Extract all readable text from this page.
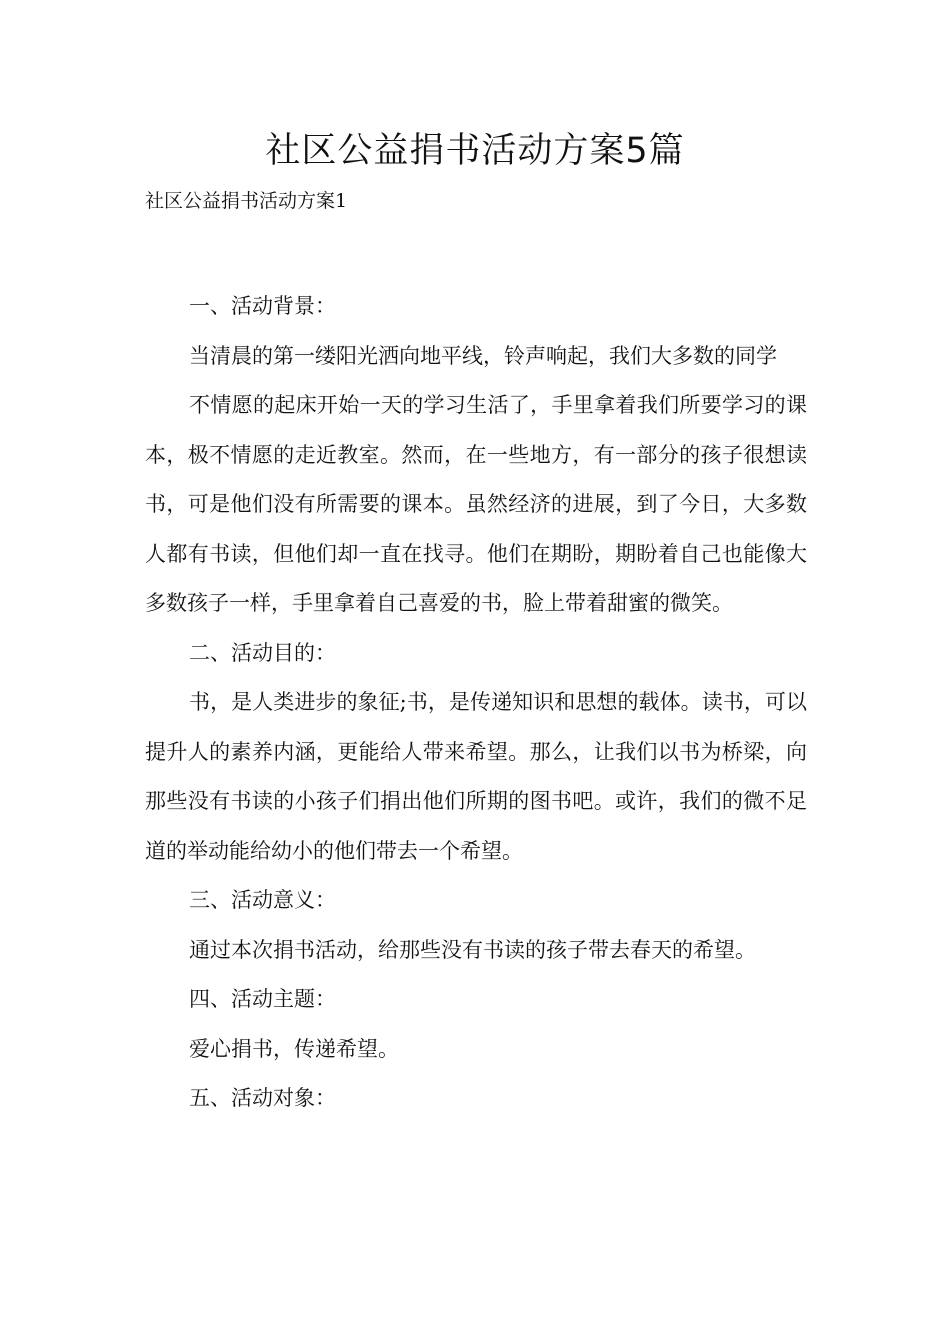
社区公益捐书活动方案5篇
社区公益捐书活动方案1

一、活动背景：

当清晨的第一缕阳光洒向地平线，铃声响起，我们大多数的同学

不情愿的起床开始一天的学习生活了，手里拿着我们所要学习的课本，极不情愿的走近教室。然而，在一些地方，有一部分的孩子很想读书，可是他们没有所需要的课本。虽然经济的进展，到了今日，大多数人都有书读，但他们却一直在找寻。他们在期盼，期盼着自己也能像大多数孩子一样，手里拿着自己喜爱的书，脸上带着甜蜜的微笑。

二、活动目的：

书，是人类进步的象征;书，是传递知识和思想的载体。读书，可以提升人的素养内涵，更能给人带来希望。那么，让我们以书为桥梁，向那些没有书读的小孩子们捐出他们所期的图书吧。或许，我们的微不足道的举动能给幼小的他们带去一个希望。

三、活动意义：

通过本次捐书活动，给那些没有书读的孩子带去春天的希望。

四、活动主题：

爱心捐书，传递希望。

五、活动对象：
